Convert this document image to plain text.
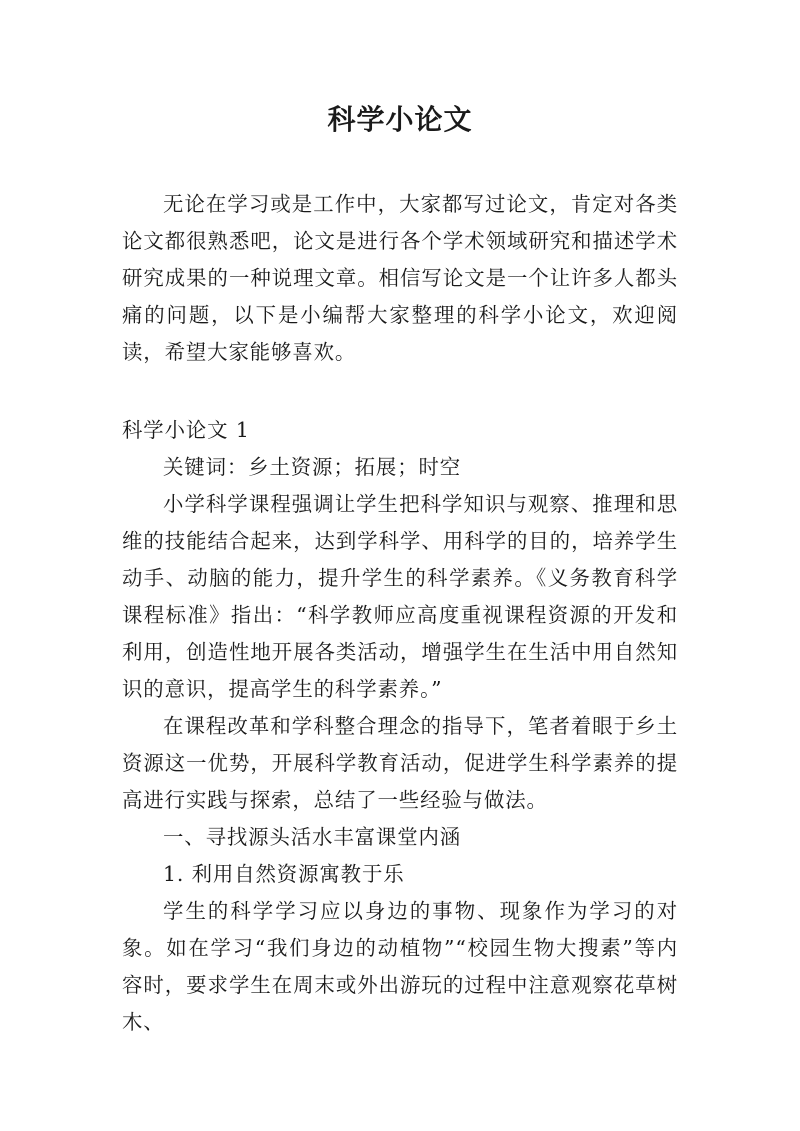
科学小论文
无论在学习或是工作中，大家都写过论文，肯定对各类论文都很熟悉吧，论文是进行各个学术领域研究和描述学术研究成果的一种说理文章。相信写论文是一个让许多人都头痛的问题，以下是小编帮大家整理的科学小论文，欢迎阅读，希望大家能够喜欢。
科学小论文 1
关键词：乡土资源；拓展；时空
小学科学课程强调让学生把科学知识与观察、推理和思维的技能结合起来，达到学科学、用科学的目的，培养学生动手、动脑的能力，提升学生的科学素养。《义务教育科学课程标准》指出：“科学教师应高度重视课程资源的开发和利用，创造性地开展各类活动，增强学生在生活中用自然知识的意识，提高学生的科学素养。”
在课程改革和学科整合理念的指导下，笔者着眼于乡土资源这一优势，开展科学教育活动，促进学生科学素养的提高进行实践与探索，总结了一些经验与做法。
一、寻找源头活水丰富课堂内涵
1. 利用自然资源寓教于乐
学生的科学学习应以身边的事物、现象作为学习的对象。如在学习“我们身边的动植物”“校园生物大搜素”等内容时，要求学生在周末或外出游玩的过程中注意观察花草树木、
